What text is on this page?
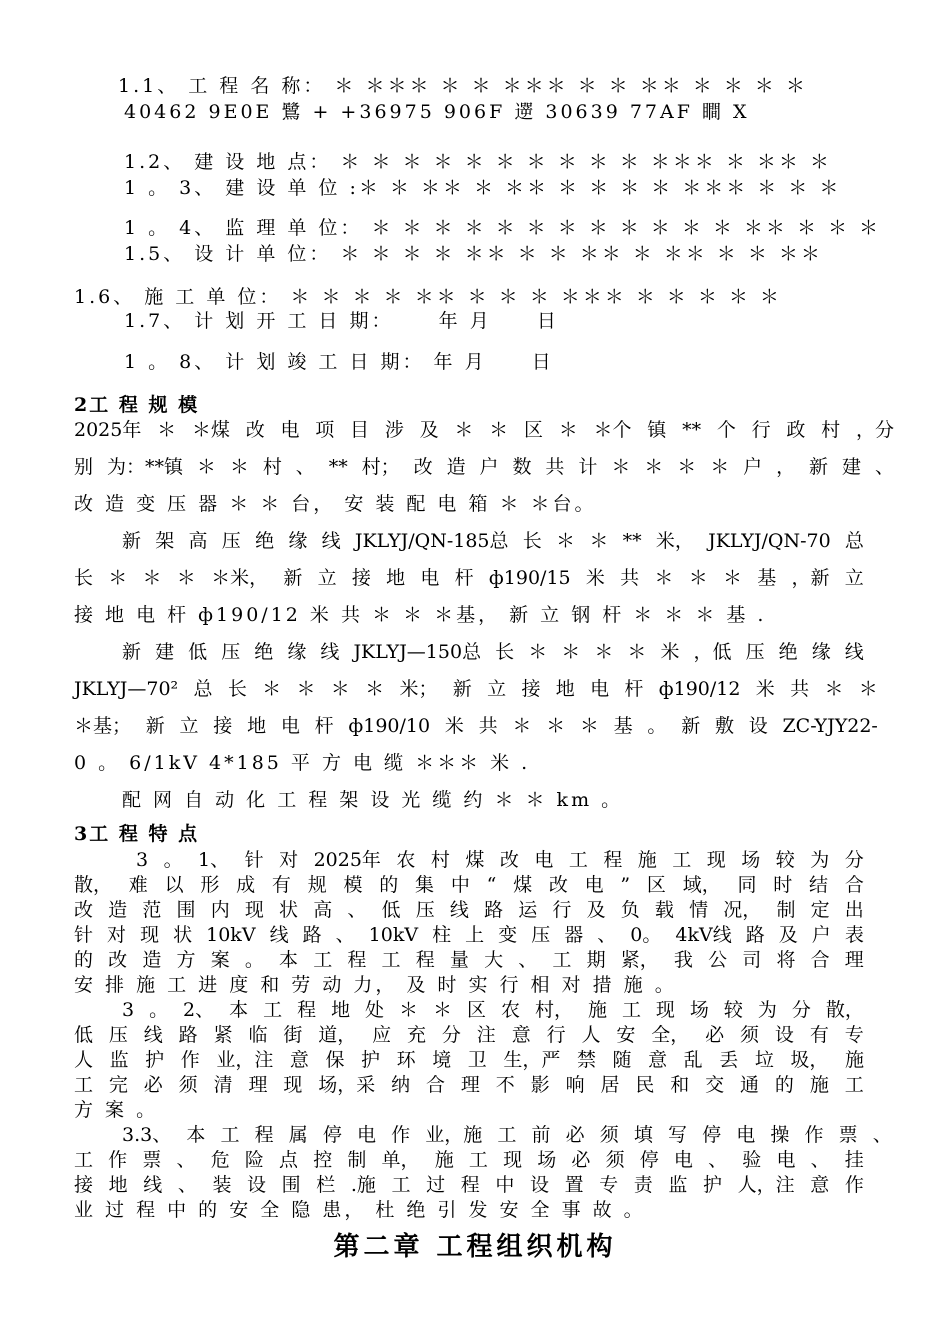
1.1、 工 程 名 称： ＊ ＊＊＊ ＊ ＊ ＊＊＊ ＊ ＊ ＊＊ ＊ ＊ ＊ ＊
40462 9E0E 鷺 + +36975 906F 遻 30639 77AF 瞷 X
1.2、 建 设 地 点： ＊ ＊ ＊ ＊ ＊ ＊ ＊ ＊ ＊ ＊ ＊＊＊ ＊ ＊＊ ＊
1 。 3、 建 设 单 位 :＊ ＊ ＊＊ ＊ ＊＊ ＊ ＊ ＊ ＊ ＊＊＊ ＊ ＊ ＊
1 。 4、 监 理 单 位： ＊ ＊ ＊ ＊ ＊ ＊ ＊ ＊ ＊ ＊ ＊ ＊ ＊＊ ＊ ＊ ＊
1.5、 设 计 单 位： ＊ ＊ ＊ ＊ ＊＊ ＊ ＊ ＊＊ ＊ ＊＊ ＊ ＊ ＊＊
1.6、 施 工 单 位： ＊ ＊ ＊ ＊ ＊＊ ＊ ＊ ＊ ＊＊＊ ＊ ＊ ＊ ＊ ＊
1.7、 计 划 开 工 日 期：     年 月     日
1 。 8、 计 划 竣 工 日 期： 年 月     日
2工 程 规 模
2025年 ＊ ＊煤 改 电 项 目 涉 及 ＊ ＊ 区 ＊ ＊个 镇 ** 个 行 政 村 ，分
别 为：**镇 ＊ ＊ 村 、 ** 村； 改 造 户 数 共 计 ＊ ＊ ＊ ＊ 户 ， 新 建 、
改 造 变 压 器 ＊ ＊ 台， 安 装 配 电 箱 ＊ ＊台。
新 架 高 压 绝 缘 线 JKLYJ/QN-185总 长 ＊ ＊ ** 米， JKLYJ/QN-70 总
长 ＊ ＊ ＊ ＊米， 新 立 接 地 电 杆 ф190/15 米 共 ＊ ＊ ＊ 基 ，新 立
接 地 电 杆 ф190/12 米 共 ＊ ＊ ＊基， 新 立 钢 杆 ＊ ＊ ＊ 基 .
新 建 低 压 绝 缘 线 JKLYJ—150总 长 ＊ ＊ ＊ ＊ 米 ，低 压 绝 缘 线
JKLYJ—70² 总 长 ＊ ＊ ＊ ＊ 米； 新 立 接 地 电 杆 ф190/12 米 共 ＊ ＊
＊基； 新 立 接 地 电 杆 ф190/10 米 共 ＊ ＊ ＊ 基 。 新 敷 设 ZC-YJY22-
0 。 6/1kV 4*185 平 方 电 缆 ＊＊＊ 米 .
配 网 自 动 化 工 程 架 设 光 缆 约 ＊ ＊ km 。
3工 程 特 点
3 。 1、 针 对 2025年 农 村 煤 改 电 工 程 施 工 现 场 较 为 分
散， 难 以 形 成 有 规 模 的 集 中 “ 煤 改 电 ” 区 域， 同 时 结 合
改 造 范 围 内 现 状 高 、 低 压 线 路 运 行 及 负 载 情 况， 制 定 出
针 对 现 状 10kV 线 路 、 10kV 柱 上 变 压 器 、 0。 4kV线 路 及 户 表
的 改 造 方 案 。 本 工 程 工 程 量 大 、 工 期 紧， 我 公 司 将 合 理
安 排 施 工 进 度 和 劳 动 力， 及 时 实 行 相 对 措 施 。
3 。 2、 本 工 程 地 处 ＊ ＊ 区 农 村， 施 工 现 场 较 为 分 散，
低 压 线 路 紧 临 街 道， 应 充 分 注 意 行 人 安 全， 必 须 设 有 专
人 监 护 作 业，注 意 保 护 环 境 卫 生，严 禁 随 意 乱 丢 垃 圾， 施
工 完 必 须 清 理 现 场，采 纳 合 理 不 影 响 居 民 和 交 通 的 施 工
方 案 。
3.3、 本 工 程 属 停 电 作 业，施 工 前 必 须 填 写 停 电 操 作 票 、
工 作 票 、 危 险 点 控 制 单， 施 工 现 场 必 须 停 电 、 验 电 、 挂
接 地 线 、 装 设 围 栏 .施 工 过 程 中 设 置 专 责 监 护 人，注 意 作
业 过 程 中 的 安 全 隐 患， 杜 绝 引 发 安 全 事 故 。
第二章 工程组织机构
